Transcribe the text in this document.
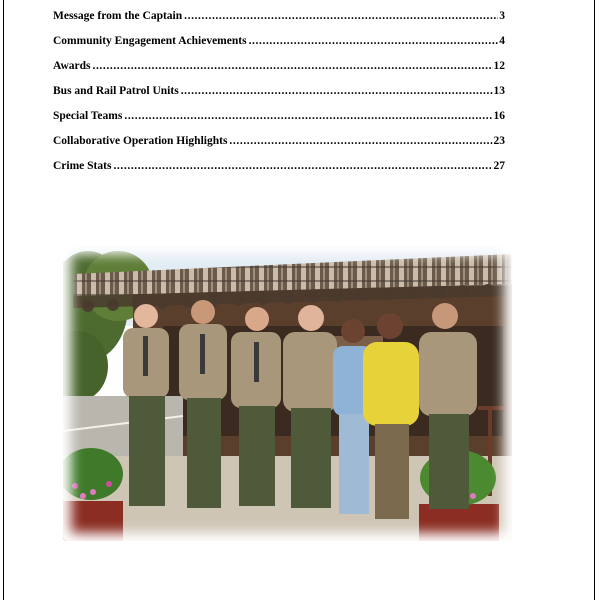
Message from the Captain .....	3
Community Engagement Achievements .....	4
Awards .....	12
Bus and Rail Patrol Units .....	13
Special Teams .....	16
Collaborative Operation Highlights .....	23
Crime Stats .....	27
